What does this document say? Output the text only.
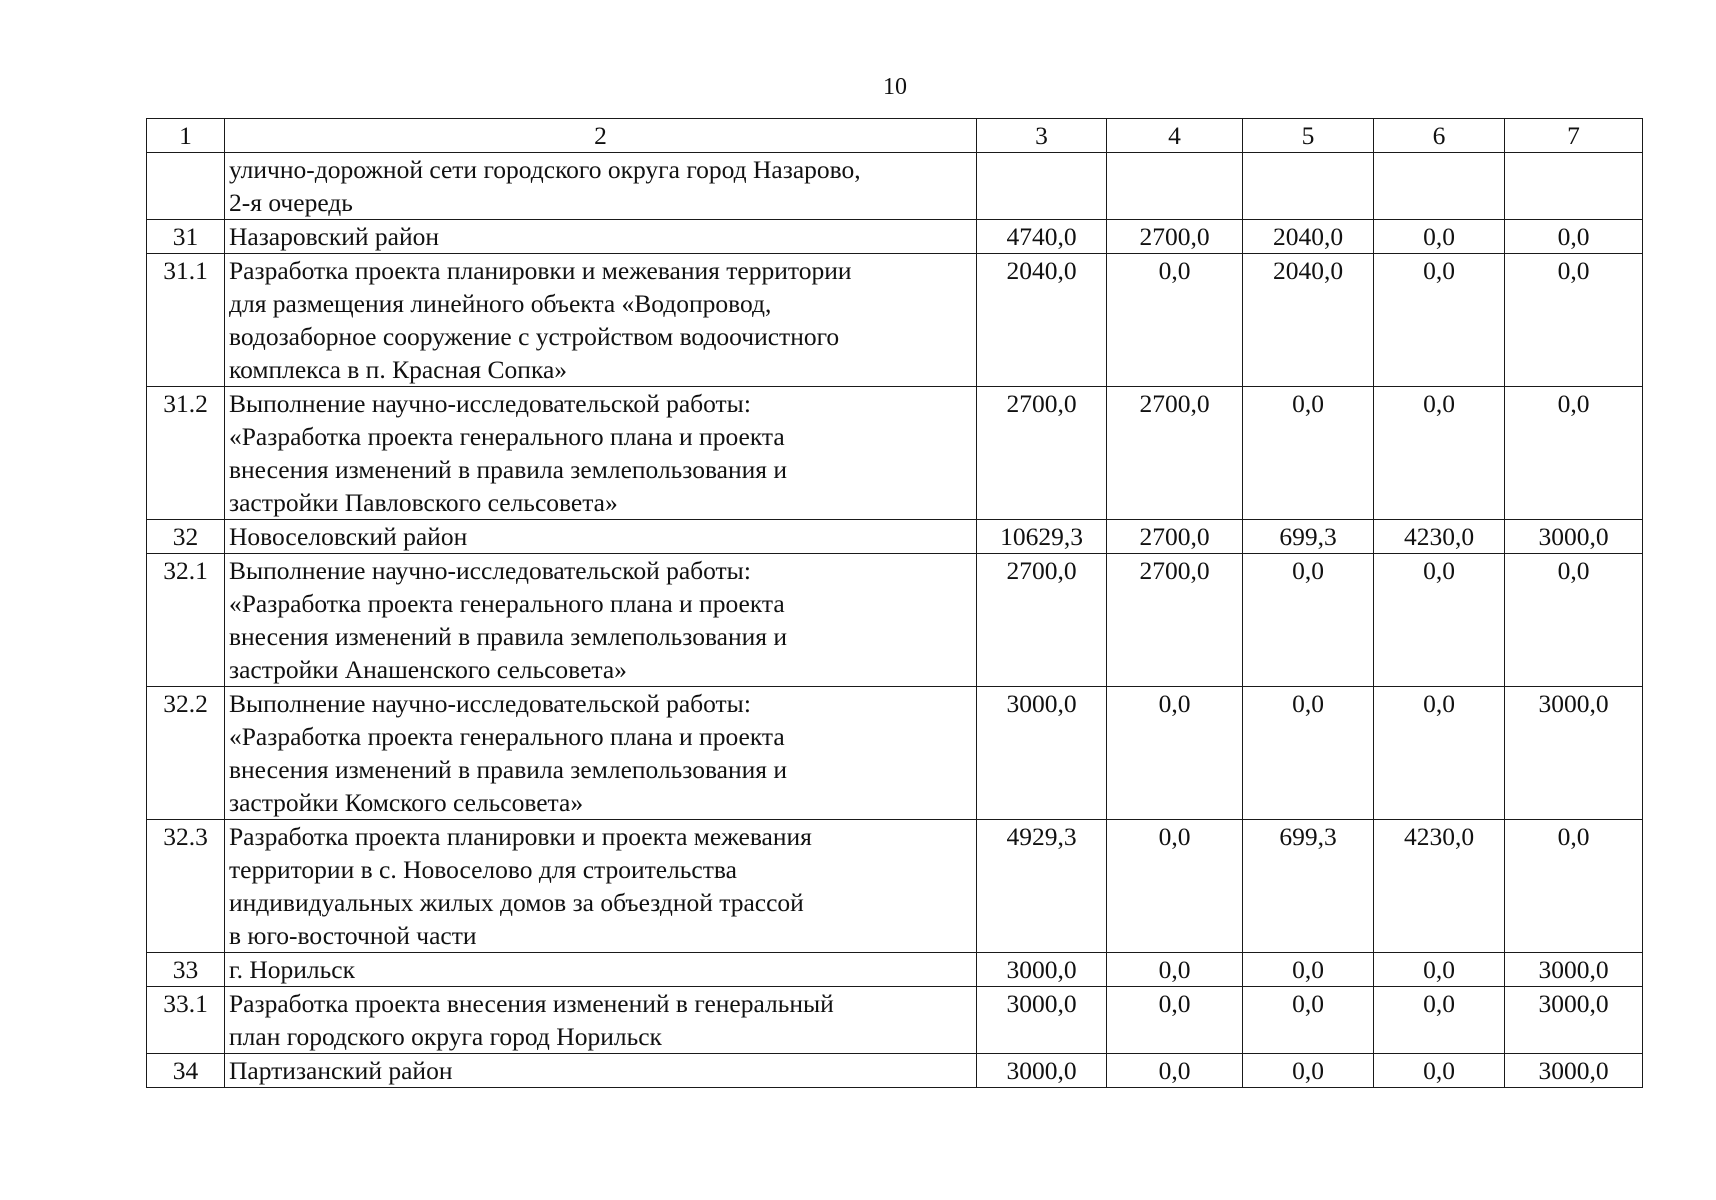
10
1	2	3	4	5	6	7

	улично-дорожной сети городского округа город Назарово,
2-я очередь					

31	Назаровский район	4740,0	2700,0	2040,0	0,0	0,0
31.1	Разработка проекта планировки и межевания территории
для размещения линейного объекта «Водопровод,
водозаборное сооружение с устройством водоочистного
комплекса в п. Красная Сопка»	2040,0	0,0	2040,0	0,0	0,0
31.2	Выполнение научно-исследовательской работы:
«Разработка проекта генерального плана и проекта
внесения изменений в правила землепользования и
застройки Павловского сельсовета»	2700,0	2700,0	0,0	0,0	0,0
32	Новоселовский район	10629,3	2700,0	699,3	4230,0	3000,0
32.1	Выполнение научно-исследовательской работы:
«Разработка проекта генерального плана и проекта
внесения изменений в правила землепользования и
застройки Анашенского сельсовета»	2700,0	2700,0	0,0	0,0	0,0
32.2	Выполнение научно-исследовательской работы:
«Разработка проекта генерального плана и проекта
внесения изменений в правила землепользования и
застройки Комского сельсовета»	3000,0	0,0	0,0	0,0	3000,0
32.3	Разработка проекта планировки и проекта межевания
территории в с. Новоселово для строительства
индивидуальных жилых домов за объездной трассой
в юго-восточной части	4929,3	0,0	699,3	4230,0	0,0
33	г. Норильск	3000,0	0,0	0,0	0,0	3000,0
33.1	Разработка проекта внесения изменений в генеральный
план городского округа город Норильск	3000,0	0,0	0,0	0,0	3000,0
34	Партизанский район	3000,0	0,0	0,0	0,0	3000,0
